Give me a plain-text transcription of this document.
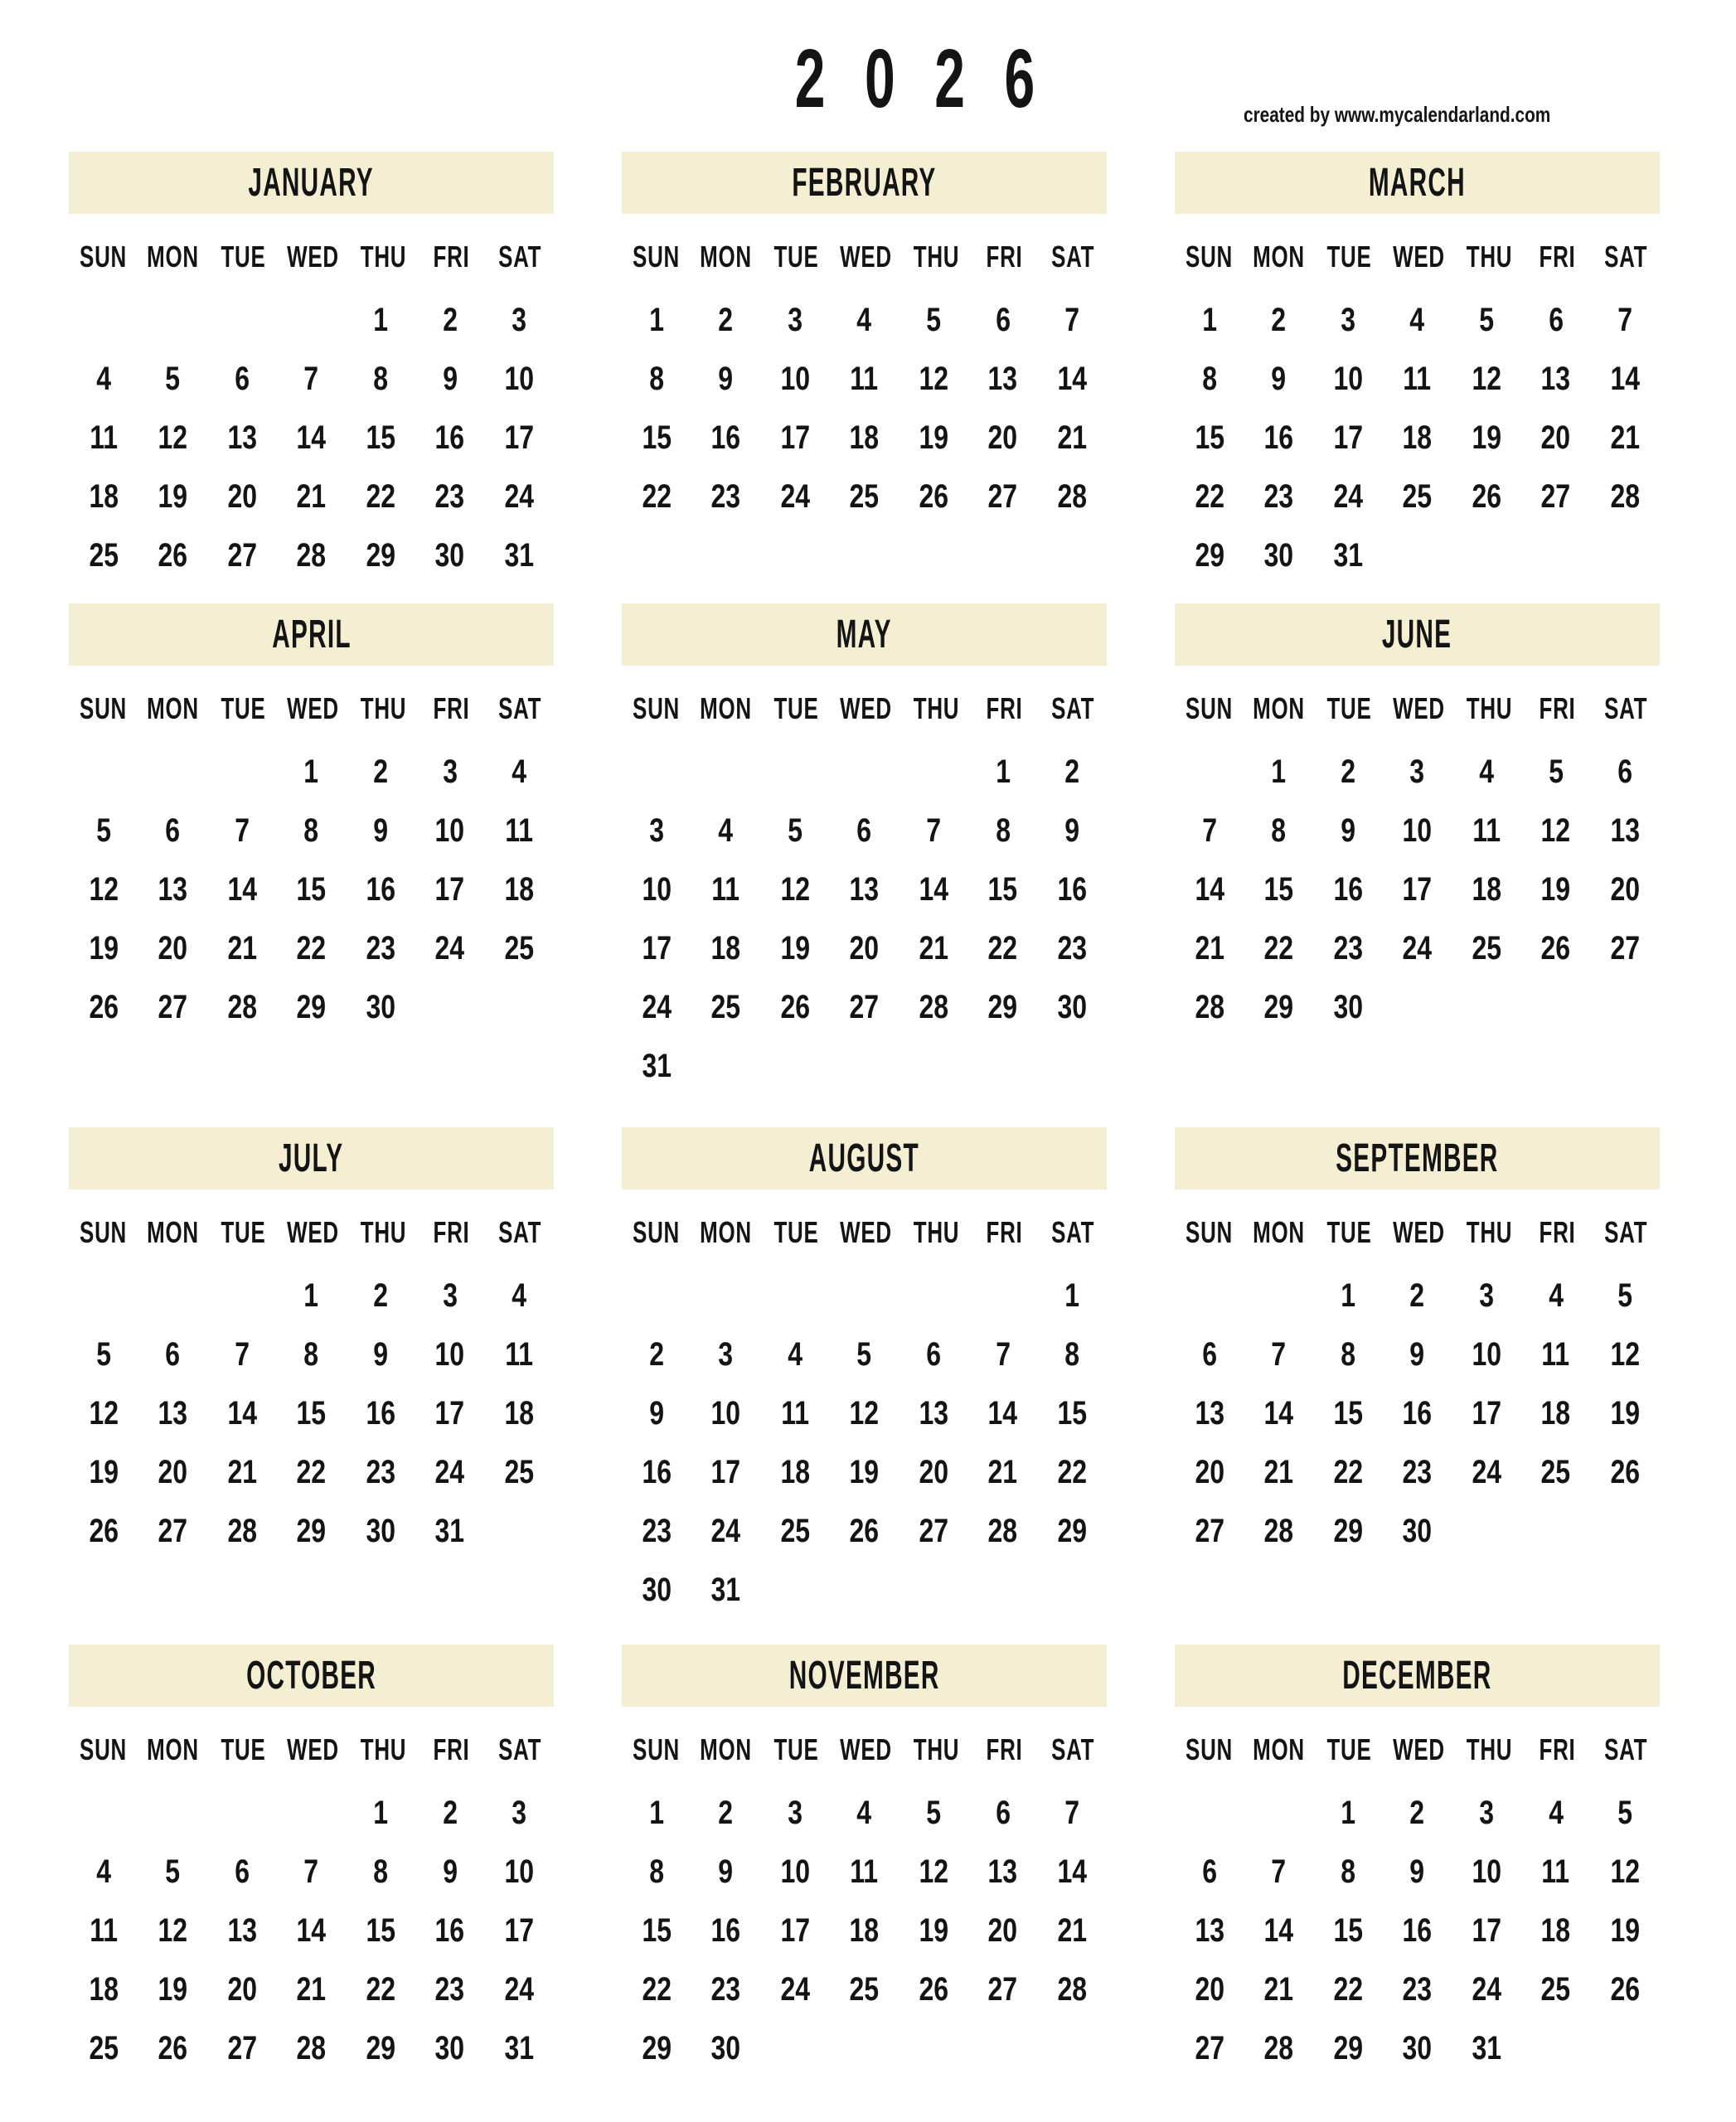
2026	created by www.mycalendarland.com
JANUARY
SUN MON TUE WED THU FRI SAT
1 2 3
4 5 6 7 8 9 10
11 12 13 14 15 16 17
18 19 20 21 22 23 24
25 26 27 28 29 30 31
FEBRUARY
SUN MON TUE WED THU FRI SAT
1 2 3 4 5 6 7
8 9 10 11 12 13 14
15 16 17 18 19 20 21
22 23 24 25 26 27 28
MARCH
SUN MON TUE WED THU FRI SAT
1 2 3 4 5 6 7
8 9 10 11 12 13 14
15 16 17 18 19 20 21
22 23 24 25 26 27 28
29 30 31
APRIL
SUN MON TUE WED THU FRI SAT
1 2 3 4
5 6 7 8 9 10 11
12 13 14 15 16 17 18
19 20 21 22 23 24 25
26 27 28 29 30
MAY
SUN MON TUE WED THU FRI SAT
1 2
3 4 5 6 7 8 9
10 11 12 13 14 15 16
17 18 19 20 21 22 23
24 25 26 27 28 29 30
31
JUNE
SUN MON TUE WED THU FRI SAT
1 2 3 4 5 6
7 8 9 10 11 12 13
14 15 16 17 18 19 20
21 22 23 24 25 26 27
28 29 30
JULY
SUN MON TUE WED THU FRI SAT
1 2 3 4
5 6 7 8 9 10 11
12 13 14 15 16 17 18
19 20 21 22 23 24 25
26 27 28 29 30 31
AUGUST
SUN MON TUE WED THU FRI SAT
1
2 3 4 5 6 7 8
9 10 11 12 13 14 15
16 17 18 19 20 21 22
23 24 25 26 27 28 29
30 31
SEPTEMBER
SUN MON TUE WED THU FRI SAT
1 2 3 4 5
6 7 8 9 10 11 12
13 14 15 16 17 18 19
20 21 22 23 24 25 26
27 28 29 30
OCTOBER
SUN MON TUE WED THU FRI SAT
1 2 3
4 5 6 7 8 9 10
11 12 13 14 15 16 17
18 19 20 21 22 23 24
25 26 27 28 29 30 31
NOVEMBER
SUN MON TUE WED THU FRI SAT
1 2 3 4 5 6 7
8 9 10 11 12 13 14
15 16 17 18 19 20 21
22 23 24 25 26 27 28
29 30
DECEMBER
SUN MON TUE WED THU FRI SAT
1 2 3 4 5
6 7 8 9 10 11 12
13 14 15 16 17 18 19
20 21 22 23 24 25 26
27 28 29 30 31
